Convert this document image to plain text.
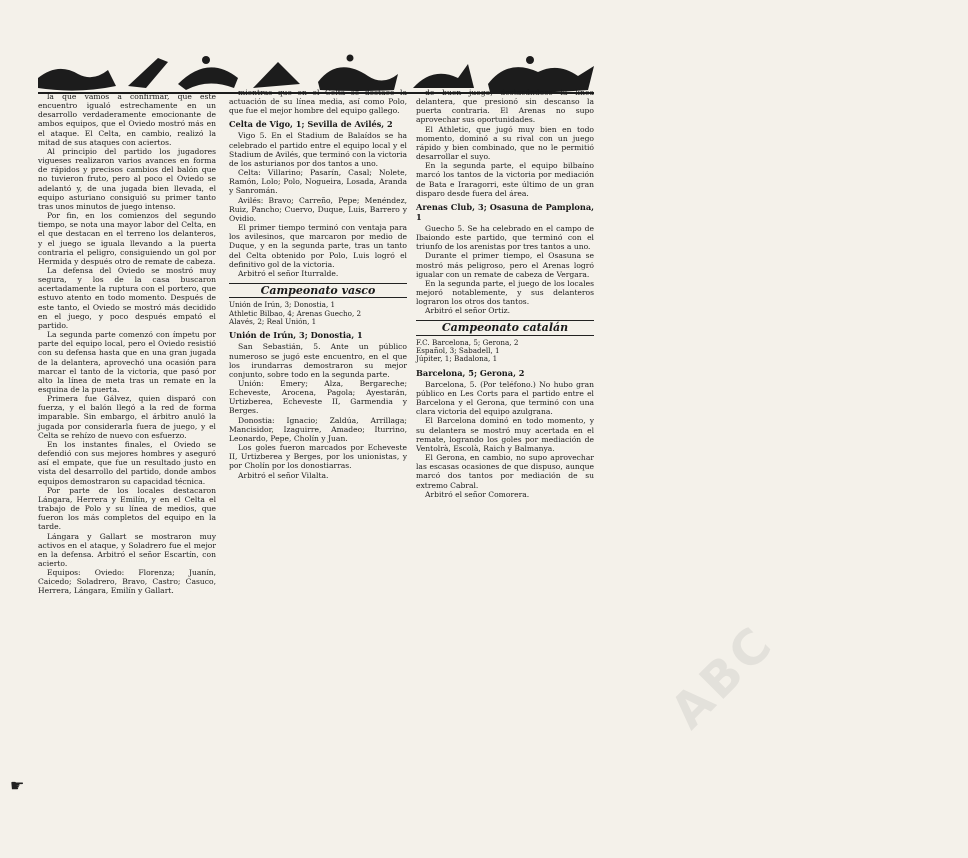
la que vamos a confirmar, que este encuentro igualó estrechamente en un desarrollo verdaderamente emocionante de ambos equipos, que el Oviedo mostró más en el ataque. El Celta, en cambio, realizó la mitad de sus ataques con aciertos.

Al principio del partido los jugadores vigueses realizaron varios avances en forma de rápidos y precisos cambios del balón que no tuvieron fruto, pero al poco el Oviedo se adelantó y, de una jugada bien llevada, el equipo asturiano consiguió su primer tanto tras unos minutos de juego intenso.

Por fin, en los comienzos del segundo tiempo, se nota una mayor labor del Celta, en el que destacan en el terreno los delanteros, y el juego se iguala llevando a la puerta contraria el peligro, consiguiendo un gol por Hermida y después otro de remate de cabeza.

La defensa del Oviedo se mostró muy segura, y los de la casa buscaron acertadamente la ruptura con el portero, que estuvo atento en todo momento. Después de este tanto, el Oviedo se mostró más decidido en el juego, y poco después empató el partido.

La segunda parte comenzó con ímpetu por parte del equipo local, pero el Oviedo resistió con su defensa hasta que en una gran jugada de la delantera, aprovechó una ocasión para marcar el tanto de la victoria, que pasó por alto la línea de meta tras un remate en la esquina de la puerta.

Primera fue Gálvez, quien disparó con fuerza, y el balón llegó a la red de forma imparable. Sin embargo, el árbitro anuló la jugada por considerarla fuera de juego, y el Celta se rehízo de nuevo con esfuerzo.

En los instantes finales, el Oviedo se defendió con sus mejores hombres y aseguró así el empate, que fue un resultado justo en vista del desarrollo del partido, donde ambos equipos demostraron su capacidad técnica.

Por parte de los locales destacaron Lángara, Herrera y Emilín, y en el Celta el trabajo de Polo y su línea de medios, que fueron los más completos del equipo en la tarde.

Lángara y Gallart se mostraron muy activos en el ataque, y Soladrero fue el mejor en la defensa. Arbitró el señor Escartín, con acierto.

Equipos: Oviedo: Florenza; Juanín, Caicedo; Soladrero, Bravo, Castro; Casuco, Herrera, Lángara, Emilín y Gallart.

mientras que en el Celta se destacó la actuación de su línea media, así como Polo, que fue el mejor hombre del equipo gallego.

Celta de Vigo, 1; Sevilla de Avilés, 2

Vigo 5. En el Stadium de Balaídos se ha celebrado el partido entre el equipo local y el Stadium de Avilés, que terminó con la victoria de los asturianos por dos tantos a uno.

Celta: Villarino; Pasarín, Casal; Nolete, Ramón, Lolo; Polo, Nogueira, Losada, Aranda y Sanromán.

Avilés: Bravo; Carreño, Pepe; Menéndez, Ruiz, Pancho; Cuervo, Duque, Luis, Barrero y Ovidio.

El primer tiempo terminó con ventaja para los avilesinos, que marcaron por medio de Duque, y en la segunda parte, tras un tanto del Celta obtenido por Polo, Luis logró el definitivo gol de la victoria.

Arbitró el señor Iturralde.

Campeonato vasco
Unión de Irún, 3; Donostia, 1
Athletic Bilbao, 4; Arenas Guecho, 2
Alavés, 2; Real Unión, 1
Unión de Irún, 3; Donostia, 1

San Sebastián, 5. Ante un público numeroso se jugó este encuentro, en el que los irundarras demostraron su mejor conjunto, sobre todo en la segunda parte.

Unión: Emery; Alza, Bergareche; Echeveste, Arocena, Pagola; Ayestarán, Urtizberea, Echeveste II, Garmendia y Berges.

Donostia: Ignacio; Zaldúa, Arrillaga; Mancisidor, Izaguirre, Amadeo; Iturrino, Leonardo, Pepe, Cholín y Juan.

Los goles fueron marcados por Echeveste II, Urtizberea y Berges, por los unionistas, y por Cholín por los donostiarras.

Arbitró el señor Vilalta.

de buen juego, destacándose la línea delantera, que presionó sin descanso la puerta contraria. El Arenas no supo aprovechar sus oportunidades.

El Athletic, que jugó muy bien en todo momento, dominó a su rival con un juego rápido y bien combinado, que no le permitió desarrollar el suyo.

En la segunda parte, el equipo bilbaíno marcó los tantos de la victoria por mediación de Bata e Iraragorri, este último de un gran disparo desde fuera del área.

Arenas Club, 3; Osasuna de Pamplona, 1

Guecho 5. Se ha celebrado en el campo de Ibaiondo este partido, que terminó con el triunfo de los arenistas por tres tantos a uno.

Durante el primer tiempo, el Osasuna se mostró más peligroso, pero el Arenas logró igualar con un remate de cabeza de Vergara.

En la segunda parte, el juego de los locales mejoró notablemente, y sus delanteros lograron los otros dos tantos.

Arbitró el señor Ortiz.

Campeonato catalán
F.C. Barcelona, 5; Gerona, 2
Español, 3; Sabadell, 1
Júpiter, 1; Badalona, 1
Barcelona, 5; Gerona, 2

Barcelona, 5. (Por teléfono.) No hubo gran público en Les Corts para el partido entre el Barcelona y el Gerona, que terminó con una clara victoria del equipo azulgrana.

El Barcelona dominó en todo momento, y su delantera se mostró muy acertada en el remate, logrando los goles por mediación de Ventolrà, Escolà, Raich y Balmanya.

El Gerona, en cambio, no supo aprovechar las escasas ocasiones de que dispuso, aunque marcó dos tantos por mediación de su extremo Cabral.

Arbitró el señor Comorera.

☛
ABC
